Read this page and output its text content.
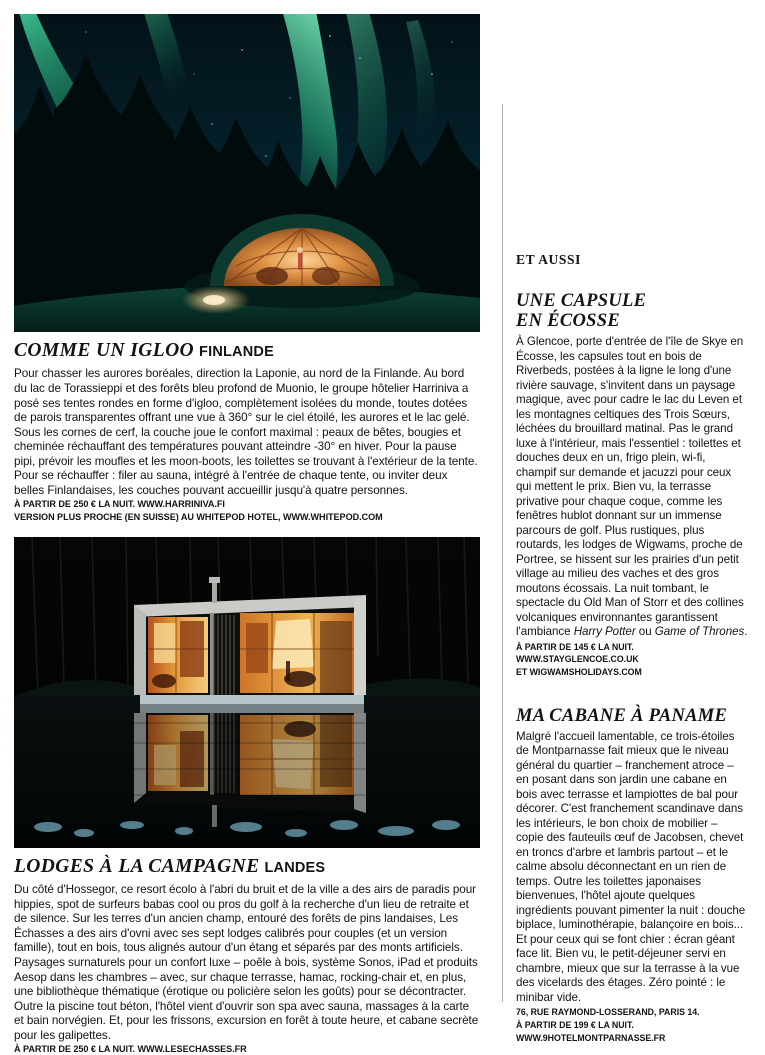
COMME UN IGLOO FINLANDE

Pour chasser les aurores boréales, direction la Laponie, au nord de la Finlande. Au bord du lac de Torassieppi et des forêts bleu profond de Muonio, le groupe hôtelier Harriniva a posé ses tentes rondes en forme d'igloo, complètement isolées du monde, toutes dotées de parois transparentes offrant une vue à 360° sur le ciel étoilé, les aurores et le lac gelé. Sous les cornes de cerf, la couche joue le confort maximal : peaux de bêtes, bougies et cheminée réchauffant des températures pouvant atteindre -30° en hiver. Pour la pause pipi, prévoir les moufles et les moon-boots, les toilettes se trouvant à l'extérieur de la tente. Pour se réchauffer : filer au sauna, intégré à l'entrée de chaque tente, ou inviter deux belles Finlandaises, les couches pouvant accueillir jusqu'à quatre personnes.

À PARTIR DE 250 € LA NUIT. WWW.HARRINIVA.FI

VERSION PLUS PROCHE (EN SUISSE) AU WHITEPOD HOTEL, WWW.WHITEPOD.COM

LODGES À LA CAMPAGNE LANDES

Du côté d'Hossegor, ce resort écolo à l'abri du bruit et de la ville a des airs de paradis pour hippies, spot de surfeurs babas cool ou pros du golf à la recherche d'un lieu de retraite et de silence. Sur les terres d'un ancien champ, entouré des forêts de pins landaises, Les Échasses a des airs d'ovni avec ses sept lodges calibrés pour couples (et un version famille), tout en bois, tous alignés autour d'un étang et séparés par des monts artificiels. Paysages surnaturels pour un confort luxe – poêle à bois, système Sonos, iPad et produits Aesop dans les chambres – avec, sur chaque terrasse, hamac, rocking-chair et, en plus, une bibliothèque thématique (érotique ou policière selon les goûts) pour se décontracter. Outre la piscine tout béton, l'hôtel vient d'ouvrir son spa avec sauna, massages à la carte et bain norvégien. Et, pour les frissons, excursion en forêt à toute heure, et cabane secrète pour les galipettes.

À PARTIR DE 250 € LA NUIT. WWW.LESECHASSES.FR

ET AUSSI
UNE CAPSULE
EN ÉCOSSE

À Glencoe, porte d'entrée de l'île de Skye en Écosse, les capsules tout en bois de Riverbeds, postées à la ligne le long d'une rivière sauvage, s'invitent dans un paysage magique, avec pour cadre le lac du Leven et les montagnes celtiques des Trois Sœurs, léchées du brouillard matinal. Pas le grand luxe à l'intérieur, mais l'essentiel : toilettes et douches deux en un, frigo plein, wi-fi, champif sur demande et jacuzzi pour ceux qui mettent le prix. Bien vu, la terrasse privative pour chaque coque, comme les fenêtres hublot donnant sur un immense parcours de golf. Plus rustiques, plus routards, les lodges de Wigwams, proche de Portree, se hissent sur les prairies d'un petit village au milieu des vaches et des gros moutons écossais. La nuit tombant, le spectacle du Old Man of Storr et des collines volcaniques environnantes garantissent l'ambiance Harry Potter ou Game of Thrones.

À PARTIR DE 145 € LA NUIT.

WWW.STAYGLENCOE.CO.UK

ET WIGWAMSHOLIDAYS.COM

MA CABANE À PANAME

Malgré l'accueil lamentable, ce trois-étoiles de Montparnasse fait mieux que le niveau général du quartier – franchement atroce – en posant dans son jardin une cabane en bois avec terrasse et lampiottes de bal pour décorer. C'est franchement scandinave dans les intérieurs, le bon choix de mobilier – copie des fauteuils œuf de Jacobsen, chevet en troncs d'arbre et lambris partout – et le calme absolu déconnectant en un rien de temps. Outre les toilettes japonaises bienvenues, l'hôtel ajoute quelques ingrédients pouvant pimenter la nuit : douche biplace, luminothérapie, balançoire en bois... Et pour ceux qui se font chier : écran géant face lit. Bien vu, le petit-déjeuner servi en chambre, mieux que sur la terrasse à la vue des vicelards des étages. Zéro pointé : le minibar vide.

76, RUE RAYMOND-LOSSERAND, PARIS 14.

À PARTIR DE 199 € LA NUIT.

WWW.9HOTELMONTPARNASSE.FR
